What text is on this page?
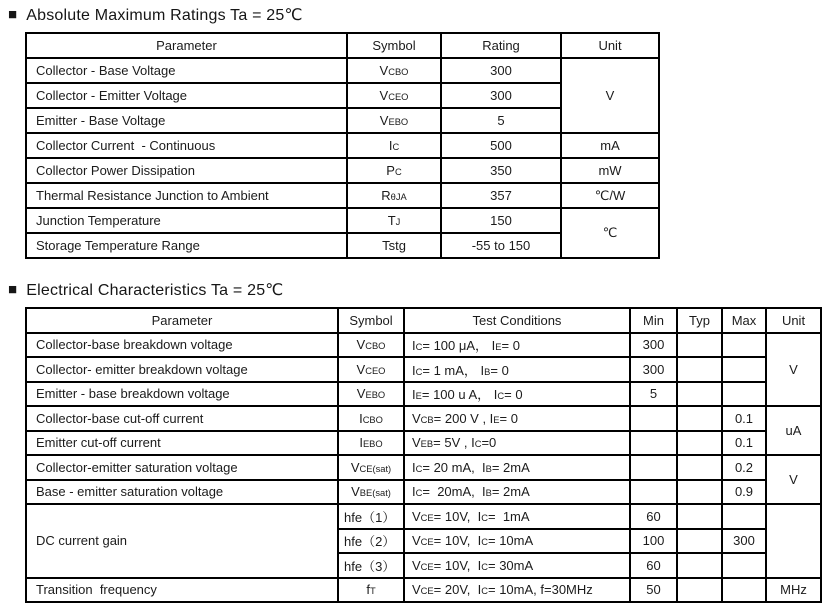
■ Absolute Maximum Ratings Ta = 25℃
Parameter	Symbol	Rating	Unit
Collector - Base Voltage	VCBO	300	V
Collector - Emitter Voltage	VCEO	300	
Emitter - Base Voltage	VEBO	5	
Collector Current  - Continuous	IC	500	mA
Collector Power Dissipation	PC	350	mW
Thermal Resistance Junction to Ambient	RθJA	357	℃/W
Junction Temperature	TJ	150	℃
Storage Temperature Range	Tstg	-55 to 150	
■ Electrical Characteristics Ta = 25℃
Parameter	Symbol	Test Conditions	Min	Typ	Max	Unit
Collector-base breakdown voltage	VCBO	IC= 100 μA， IE= 0	300			V
Collector- emitter breakdown voltage	VCEO	IC= 1 mA， IB= 0	300			
Emitter - base breakdown voltage	VEBO	IE= 100 u A， IC= 0	5			
Collector-base cut-off current	ICBO	VCB= 200 V , IE= 0			0.1	uA
Emitter cut-off current	IEBO	VEB= 5V , IC=0			0.1	
Collector-emitter saturation voltage	VCE(sat)	IC= 20 mA,  IB= 2mA			0.2	V
Base - emitter saturation voltage	VBE(sat)	IC=  20mA,  IB= 2mA			0.9	
DC current gain	hfe（1）	VCE= 10V,  IC=  1mA	60			
	hfe（2）	VCE= 10V,  IC= 10mA	100		300	
	hfe（3）	VCE= 10V,  IC= 30mA	60			
Transition  frequency	fT	VCE= 20V,  IC= 10mA, f=30MHz	50			MHz
